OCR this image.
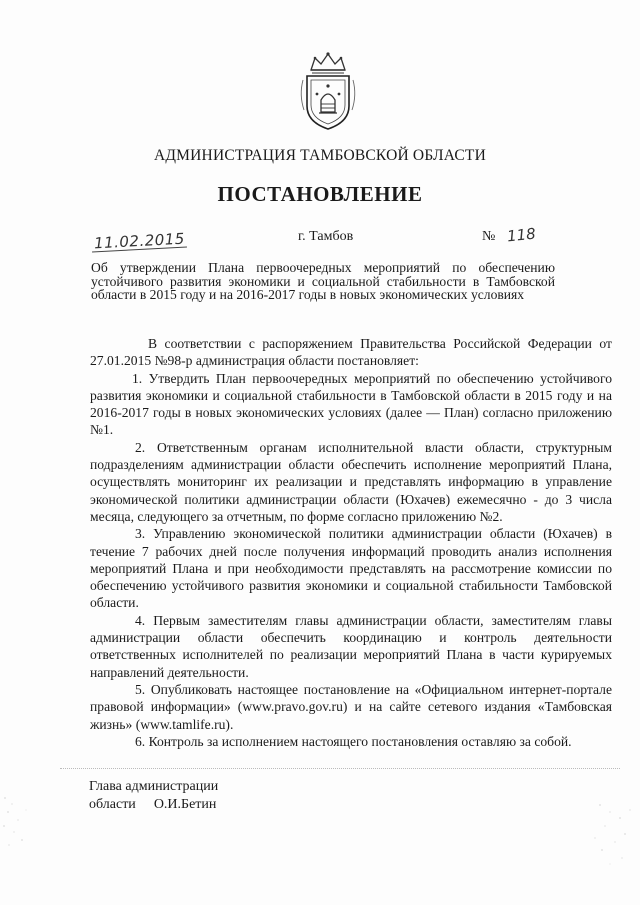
АДМИНИСТРАЦИЯ ТАМБОВСКОЙ ОБЛАСТИ
ПОСТАНОВЛЕНИЕ
11.02.2015	г. Тамбов	№ 118
Об утверждении Плана первоочередных мероприятий по обеспечению устойчивого развития экономики и социальной стабильности в Тамбовской области в 2015 году и на 2016-2017 годы в новых экономических условиях

В соответствии с распоряжением Правительства Российской Федерации от 27.01.2015 №98-р администрация области постановляет:

1. Утвердить План первоочередных мероприятий по обеспечению устойчивого развития экономики и социальной стабильности в Тамбовской области в 2015 году и на 2016-2017 годы в новых экономических условиях (далее — План) согласно приложению №1.

2. Ответственным органам исполнительной власти области, структурным подразделениям администрации области обеспечить исполнение мероприятий Плана, осуществлять мониторинг их реализации и представлять информацию в управление экономической политики администрации области (Юхачев) ежемесячно - до 3 числа месяца, следующего за отчетным, по форме согласно приложению №2.

3. Управлению экономической политики администрации области (Юхачев) в течение 7 рабочих дней после получения информаций проводить анализ исполнения мероприятий Плана и при необходимости представлять на рассмотрение комиссии по обеспечению устойчивого развития экономики и социальной стабильности Тамбовской области.

4. Первым заместителям главы администрации области, заместителям главы администрации области обеспечить координацию и контроль деятельности ответственных исполнителей по реализации мероприятий Плана в части курируемых направлений деятельности.

5. Опубликовать настоящее постановление на «Официальном интернет-портале правовой информации» (www.pravo.gov.ru) и на сайте сетевого издания «Тамбовская жизнь» (www.tamlife.ru).

6. Контроль за исполнением настоящего постановления оставляю за собой.

Глава администрации
области О.И.Бетин
